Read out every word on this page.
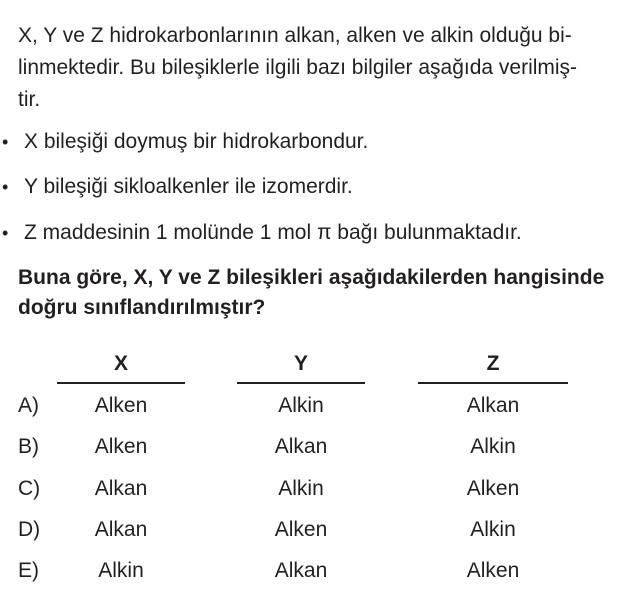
X, Y ve Z hidrokarbonlarının alkan, alken ve alkin olduğu bi-
linmektedir. Bu bileşiklerle ilgili bazı bilgiler aşağıda verilmiş-
tir.
• X bileşiği doymuş bir hidrokarbondur.
• Y bileşiği sikloalkenler ile izomerdir.
• Z maddesinin 1 molünde 1 mol π bağı bulunmaktadır.
Buna göre, X, Y ve Z bileşikleri aşağıdakilerden hangisinde
doğru sınıflandırılmıştır?
X	Y	Z
A)	Alken	Alkin	Alkan
B)	Alken	Alkan	Alkin
C)	Alkan	Alkin	Alken
D)	Alkan	Alken	Alkin
E)	Alkin	Alkan	Alken
